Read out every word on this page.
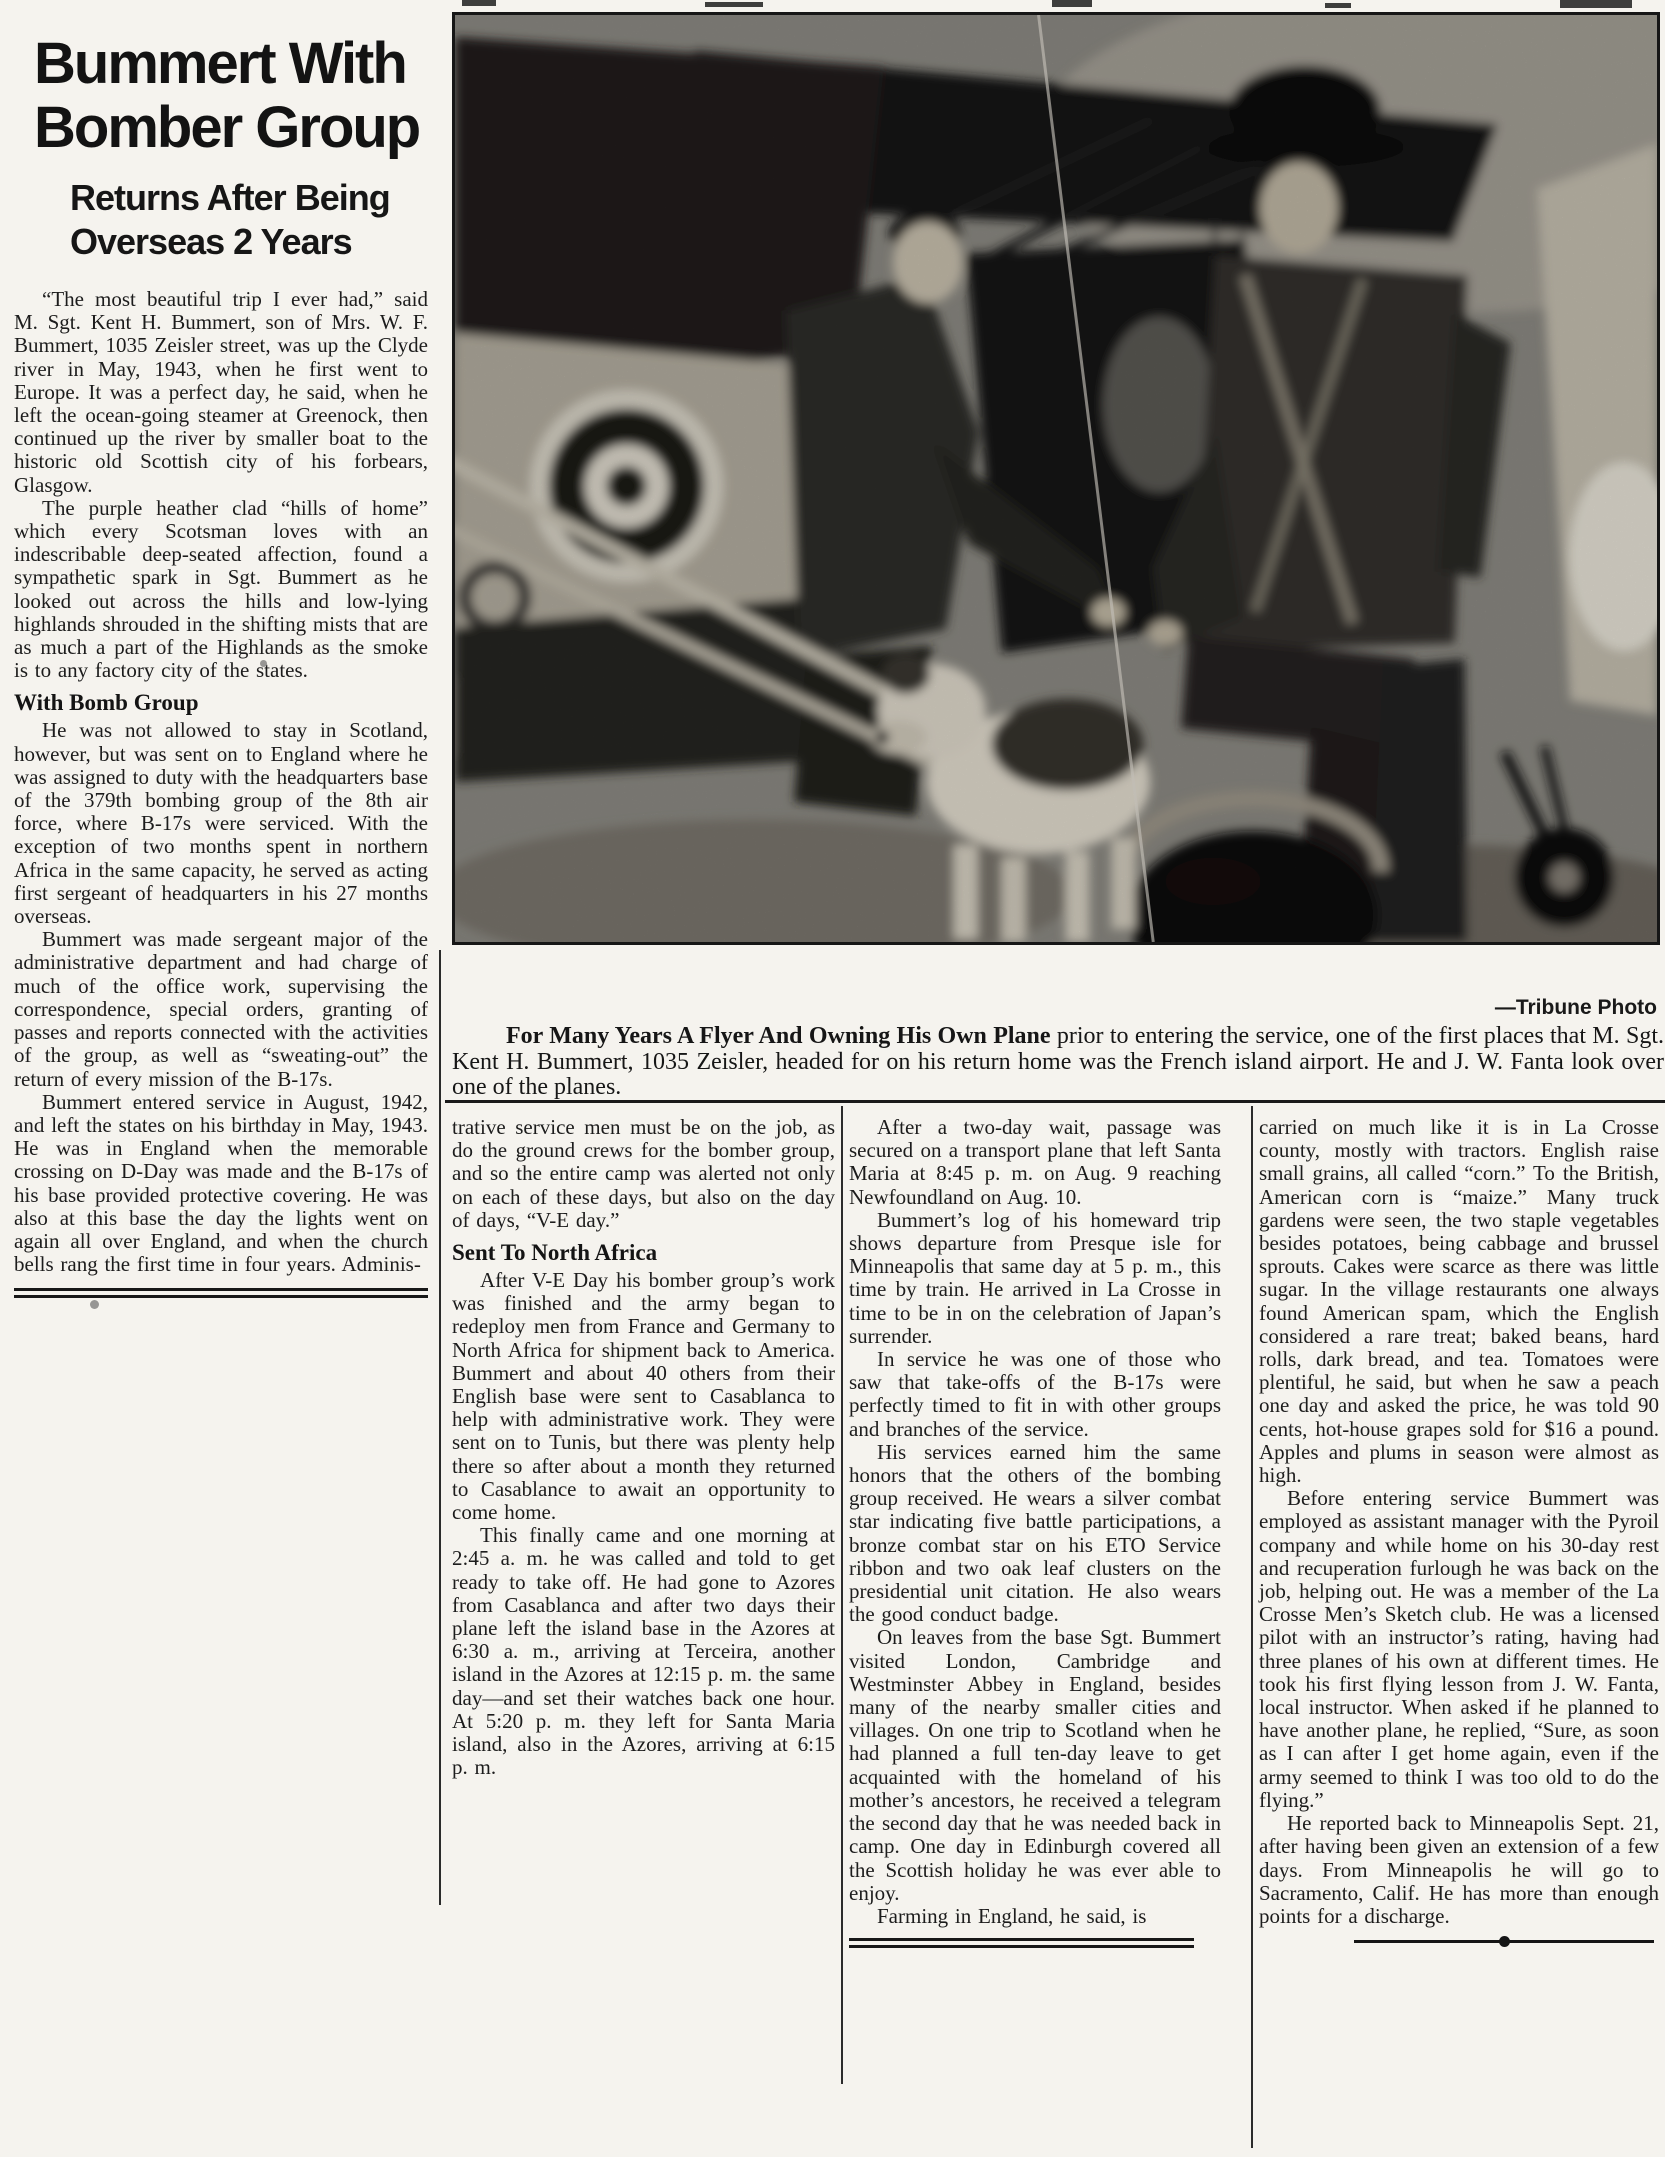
Bummert With
Bomber Group
Returns After Being
Overseas 2 Years

“The most beautiful trip I ever had,” said M. Sgt. Kent H. Bummert, son of Mrs. W. F. Bummert, 1035 Zeisler street, was up the Clyde river in May, 1943, when he first went to Europe. It was a perfect day, he said, when he left the ocean-going steamer at Greenock, then continued up the river by smaller boat to the historic old Scottish city of his forbears, Glasgow.

The purple heather clad “hills of home” which every Scotsman loves with an indescribable deep-seated affection, found a sympathetic spark in Sgt. Bummert as he looked out across the hills and low-lying highlands shrouded in the shifting mists that are as much a part of the Highlands as the smoke is to any factory city of the states.

With Bomb Group

He was not allowed to stay in Scotland, however, but was sent on to England where he was assigned to duty with the headquarters base of the 379th bombing group of the 8th air force, where B-17s were serviced. With the exception of two months spent in northern Africa in the same capacity, he served as acting first sergeant of headquarters in his 27 months overseas.

Bummert was made sergeant major of the administrative department and had charge of much of the office work, supervising the correspondence, special orders, granting of passes and reports connected with the activities of the group, as well as “sweating-out” the return of every mission of the B-17s.

Bummert entered service in August, 1942, and left the states on his birthday in May, 1943. He was in England when the memorable crossing on D-Day was made and the B-17s of his base provided protective covering. He was also at this base the day the lights went on again all over England, and when the church bells rang the first time in four years. Adminis-

—Tribune Photo

For Many Years A Flyer And Owning His Own Plane prior to entering the service, one of the first places that M. Sgt. Kent H. Bummert, 1035 Zeisler, headed for on his return home was the French island airport. He and J. W. Fanta look over one of the planes.

trative service men must be on the job, as do the ground crews for the bomber group, and so the entire camp was alerted not only on each of these days, but also on the day of days, “V-E day.”

Sent To North Africa

After V-E Day his bomber group’s work was finished and the army began to redeploy men from France and Germany to North Africa for shipment back to America. Bummert and about 40 others from their English base were sent to Casablanca to help with administrative work. They were sent on to Tunis, but there was plenty help there so after about a month they returned to Casablance to await an opportunity to come home.

This finally came and one morning at 2:45 a. m. he was called and told to get ready to take off. He had gone to Azores from Casablanca and after two days their plane left the island base in the Azores at 6:30 a. m., arriving at Terceira, another island in the Azores at 12:15 p. m. the same day—and set their watches back one hour. At 5:20 p. m. they left for Santa Maria island, also in the Azores, arriving at 6:15 p. m.

After a two-day wait, passage was secured on a transport plane that left Santa Maria at 8:45 p. m. on Aug. 9 reaching Newfoundland on Aug. 10.

Bummert’s log of his homeward trip shows departure from Presque isle for Minneapolis that same day at 5 p. m., this time by train. He arrived in La Crosse in time to be in on the celebration of Japan’s surrender.

In service he was one of those who saw that take-offs of the B-17s were perfectly timed to fit in with other groups and branches of the service.

His services earned him the same honors that the others of the bombing group received. He wears a silver combat star indicating five battle participations, a bronze combat star on his ETO Service ribbon and two oak leaf clusters on the presidential unit citation. He also wears the good conduct badge.

On leaves from the base Sgt. Bummert visited London, Cambridge and Westminster Abbey in England, besides many of the nearby smaller cities and villages. On one trip to Scotland when he had planned a full ten-day leave to get acquainted with the homeland of his mother’s ancestors, he received a telegram the second day that he was needed back in camp. One day in Edinburgh covered all the Scottish holiday he was ever able to enjoy.

Farming in England, he said, is

carried on much like it is in La Crosse county, mostly with tractors. English raise small grains, all called “corn.” To the British, American corn is “maize.” Many truck gardens were seen, the two staple vegetables besides potatoes, being cabbage and brussel sprouts. Cakes were scarce as there was little sugar. In the village restaurants one always found American spam, which the English considered a rare treat; baked beans, hard rolls, dark bread, and tea. Tomatoes were plentiful, he said, but when he saw a peach one day and asked the price, he was told 90 cents, hot-house grapes sold for $16 a pound. Apples and plums in season were almost as high.

Before entering service Bummert was employed as assistant manager with the Pyroil company and while home on his 30-day rest and recuperation furlough he was back on the job, helping out. He was a member of the La Crosse Men’s Sketch club. He was a licensed pilot with an instructor’s rating, having had three planes of his own at different times. He took his first flying lesson from J. W. Fanta, local instructor. When asked if he planned to have another plane, he replied, “Sure, as soon as I can after I get home again, even if the army seemed to think I was too old to do the flying.”

He reported back to Minneapolis Sept. 21, after having been given an extension of a few days. From Minneapolis he will go to Sacramento, Calif. He has more than enough points for a discharge.
